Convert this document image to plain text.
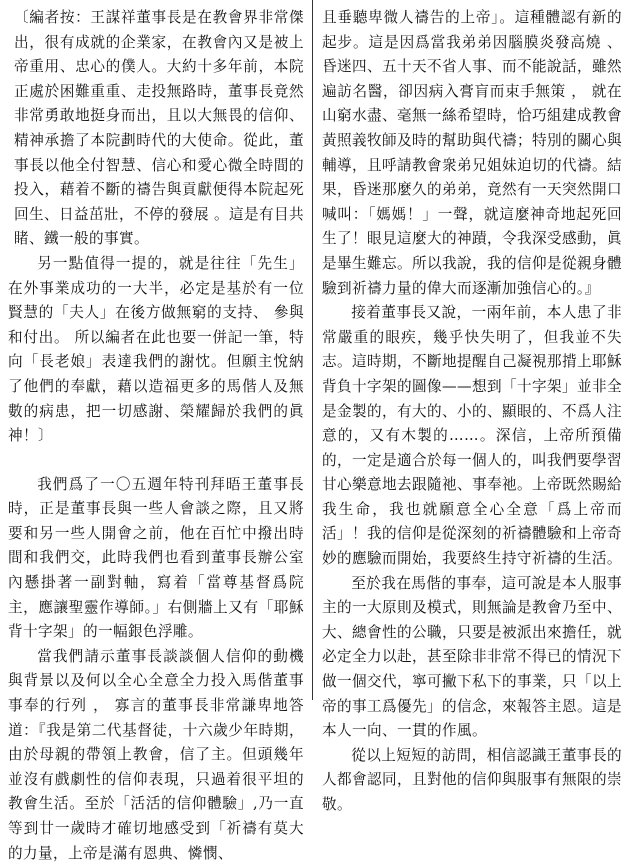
〔編者按：王謀祥董事長是在教會界非常傑出，很有成就的企業家，在教會內又是被上帝重用、忠心的僕人。大約十多年前，本院正處於困難重重、走投無路時，董事長竟然非常勇敢地挺身而出，且以大無畏的信仰、精神承擔了本院劃時代的大使命。從此，董事長以他全付智慧、信心和愛心微全時間的投入，藉着不斷的禱告與貢獻便得本院起死回生、日益茁壯，不停的發展 。這是有目共睹、鐵一般的事實。

另一點值得一提的，就是往往「先生」在外事業成功的一大半，必定是基於有一位賢慧的「夫人」在後方做無窮的支持、 參與和付出。 所以編者在此也要一併記一筆，特向「長老娘」表達我們的謝忱。但願主悅納了他們的奉獻，藉以造福更多的馬偕人及無數的病患，把一切感謝、榮耀歸於我們的眞神！〕

我們爲了一〇五週年特刊拜晤王董事長時，正是董事長與一些人會談之際，且又將要和另一些人開會之前，他在百忙中撥出時間和我們交，此時我們也看到董事長辦公室內懸掛著一副對軸，寫着「當尊基督爲院主，應讓聖靈作導師。」右側牆上又有「耶穌背十字架」的一幅銀色浮雕。

當我們請示董事長談談個人信仰的動機與背景以及何以全心全意全力投入馬偕董事事奉的行列 ， 寡言的董事長非常謙卑地答道：『我是第二代基督徒，十六歲少年時期，由於母親的帶領上教會，信了主。但頭幾年並沒有戲劇性的信仰表現，只過着很平坦的教會生活。至於「活活的信仰體驗」,乃一直等到廿一歲時才確切地感受到「祈禱有莫大的力量，上帝是滿有恩典、憐憫、

且垂聽卑微人禱告的上帝」。這種體認有新的起步。這是因爲當我弟弟因腦膜炎發高燒 、 昏迷四、五十天不省人事、而不能說話，雖然遍訪名醫，卻因病入膏肓而束手無策 ， 就在山窮水盡、毫無一絲希望時，恰巧組建成教會黃照義牧師及時的幫助與代禱；特別的關心與輔導，且呼請教會衆弟兄姐妹迫切的代禱。結果，昏迷那麼久的弟弟，竟然有一天突然開口喊叫：「媽媽！」一聲，就這麼神奇地起死回生了！眼見這麼大的神蹟，令我深受感動，眞是畢生難忘。所以我說，我的信仰是從親身體驗到祈禱力量的偉大而逐漸加強信心的。』

接着董事長又說，一兩年前，本人患了非常嚴重的眼疾，幾乎快失明了，但我並不失志。這時期，不斷地提醒自己凝視那揹上耶穌背負十字架的圖像——想到「十字架」並非全是金製的，有大的、小的、顯眼的、不爲人注意的，又有木製的……。深信，上帝所預備的，一定是適合於每一個人的，叫我們要學習甘心樂意地去跟隨祂、事奉祂。上帝既然賜給我生命，我也就願意全心全意「爲上帝而活」！我的信仰是從深刻的祈禱體驗和上帝奇妙的應驗而開始，我要終生持守祈禱的生活。

至於我在馬偕的事奉，這可說是本人服事主的一大原則及模式，則無論是教會乃至中、大、總會性的公職，只要是被派出來擔任，就必定全力以赴，甚至除非非常不得已的情況下做一個交代，寧可撇下私下的事業，只「以上帝的事工爲優先」的信念，來報答主恩。這是本人一向、一貫的作風。

從以上短短的訪問，相信認識王董事長的人都會認同，且對他的信仰與服事有無限的崇敬。
